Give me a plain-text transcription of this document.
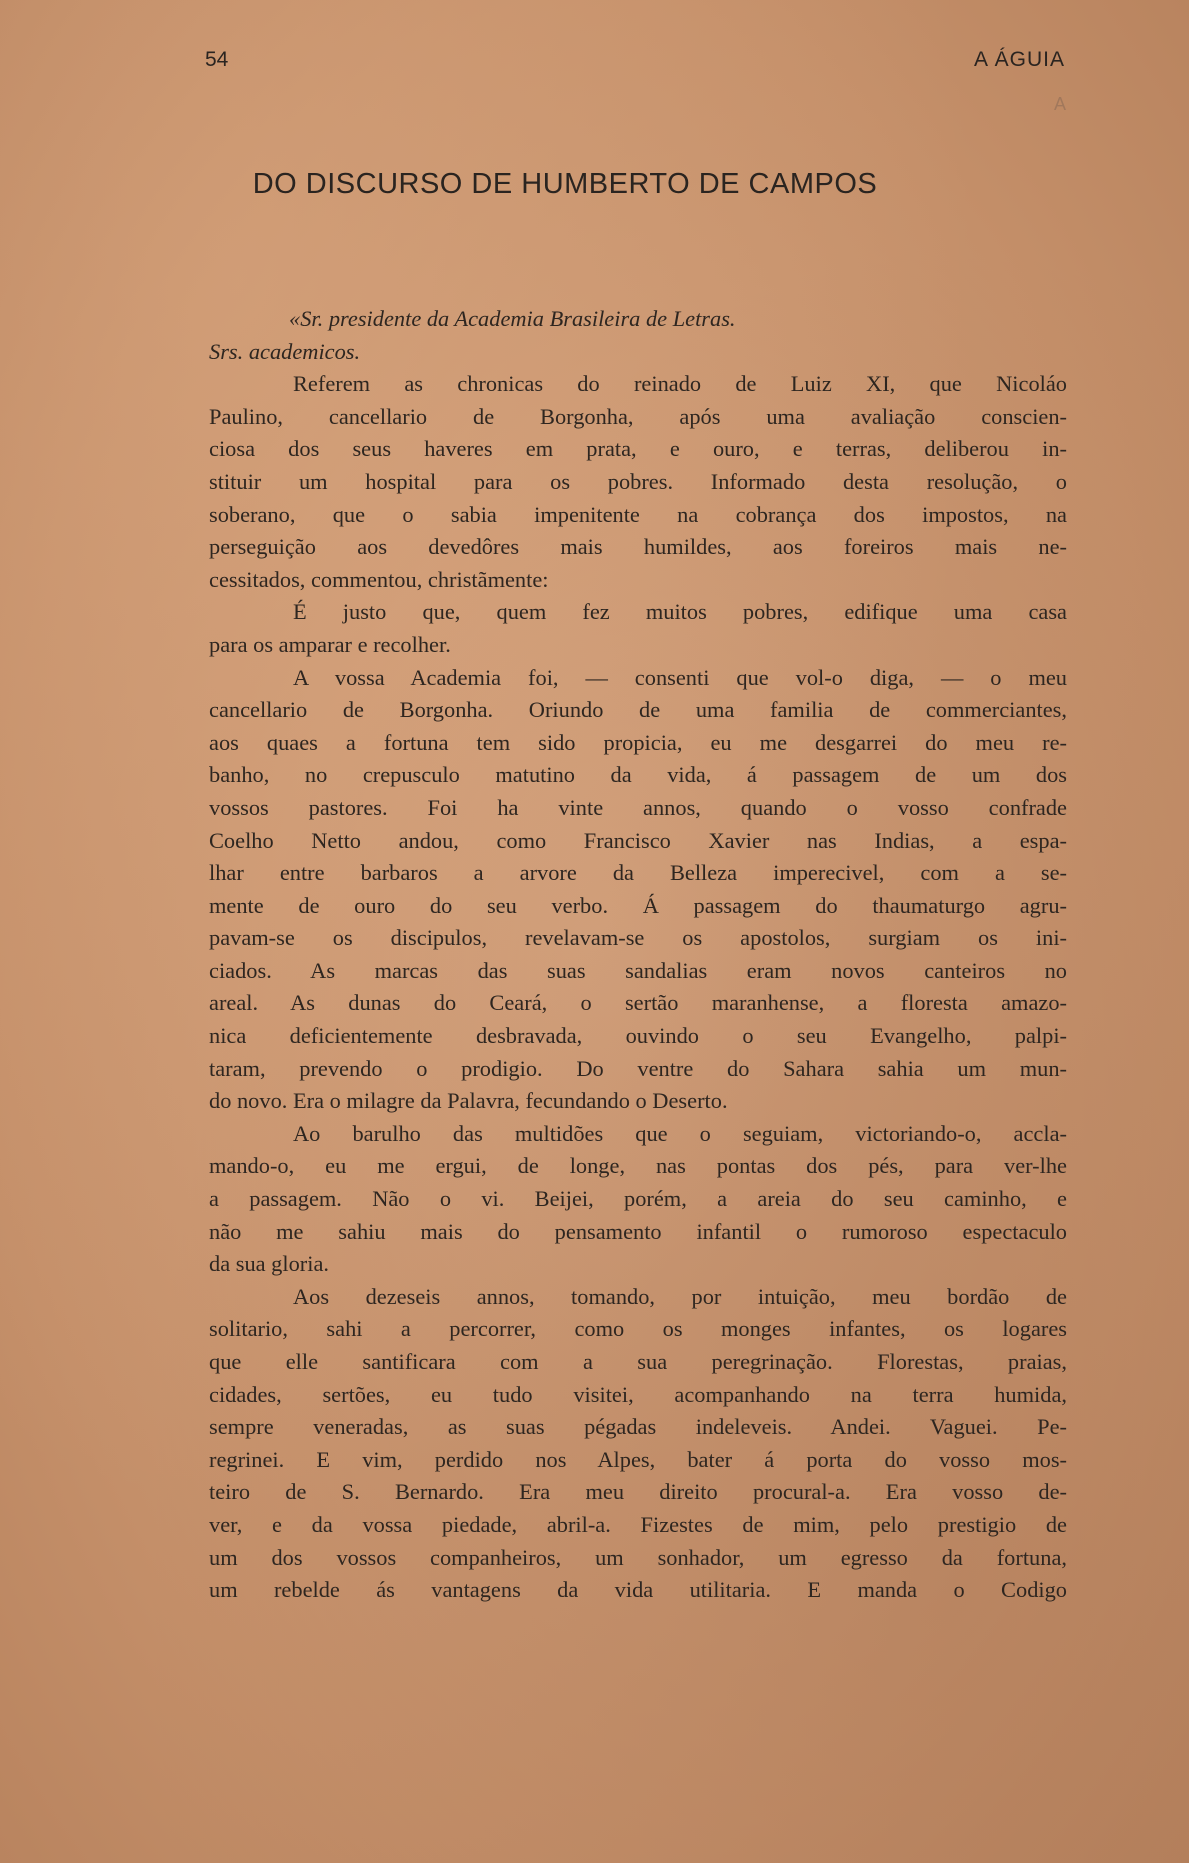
54	A ÁGUIA
A
DO DISCURSO DE HUMBERTO DE CAMPOS
«Sr. presidente da Academia Brasileira de Letras.
Srs. academicos.
Referem as chronicas do reinado de Luiz XI, que Nicoláo
Paulino, cancellario de Borgonha, após uma avaliação conscien-
ciosa dos seus haveres em prata, e ouro, e terras, deliberou in-
stituir um hospital para os pobres. Informado desta resolução, o
soberano, que o sabia impenitente na cobrança dos impostos, na
perseguição aos devedôres mais humildes, aos foreiros mais ne-
cessitados, commentou, christãmente:
É justo que, quem fez muitos pobres, edifique uma casa
para os amparar e recolher.
A vossa Academia foi, — consenti que vol-o diga, — o meu
cancellario de Borgonha. Oriundo de uma familia de commerciantes,
aos quaes a fortuna tem sido propicia, eu me desgarrei do meu re-
banho, no crepusculo matutino da vida, á passagem de um dos
vossos pastores. Foi ha vinte annos, quando o vosso confrade
Coelho Netto andou, como Francisco Xavier nas Indias, a espa-
lhar entre barbaros a arvore da Belleza imperecivel, com a se-
mente de ouro do seu verbo. Á passagem do thaumaturgo agru-
pavam-se os discipulos, revelavam-se os apostolos, surgiam os ini-
ciados. As marcas das suas sandalias eram novos canteiros no
areal. As dunas do Ceará, o sertão maranhense, a floresta amazo-
nica deficientemente desbravada, ouvindo o seu Evangelho, palpi-
taram, prevendo o prodigio. Do ventre do Sahara sahia um mun-
do novo. Era o milagre da Palavra, fecundando o Deserto.
Ao barulho das multidões que o seguiam, victoriando-o, accla-
mando-o, eu me ergui, de longe, nas pontas dos pés, para ver-lhe
a passagem. Não o vi. Beijei, porém, a areia do seu caminho, e
não me sahiu mais do pensamento infantil o rumoroso espectaculo
da sua gloria.
Aos dezeseis annos, tomando, por intuição, meu bordão de
solitario, sahi a percorrer, como os monges infantes, os logares
que elle santificara com a sua peregrinação. Florestas, praias,
cidades, sertões, eu tudo visitei, acompanhando na terra humida,
sempre veneradas, as suas pégadas indeleveis. Andei. Vaguei. Pe-
regrinei. E vim, perdido nos Alpes, bater á porta do vosso mos-
teiro de S. Bernardo. Era meu direito procural-a. Era vosso de-
ver, e da vossa piedade, abril-a. Fizestes de mim, pelo prestigio de
um dos vossos companheiros, um sonhador, um egresso da fortuna,
um rebelde ás vantagens da vida utilitaria. E manda o Codigo
